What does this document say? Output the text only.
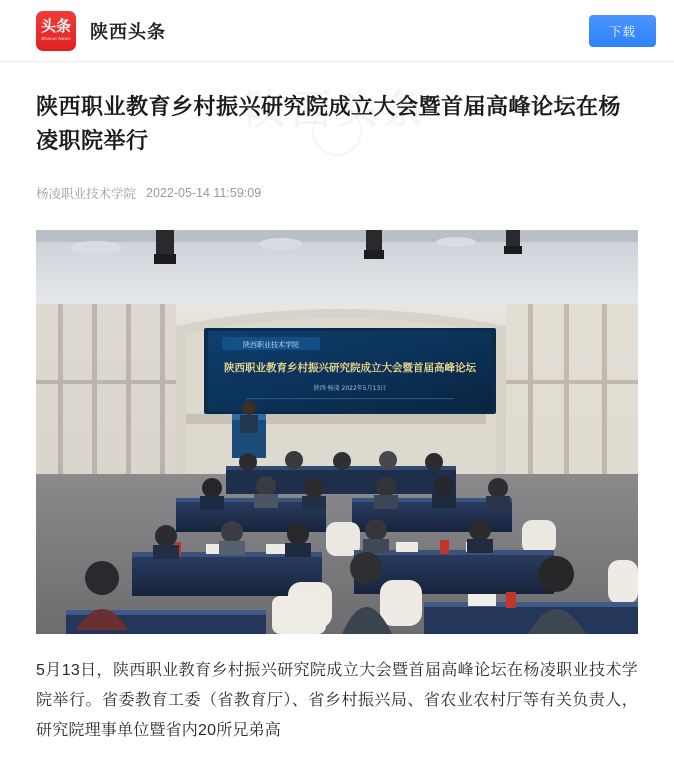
头条
Shanxi News 陕西头条	下载
陕西职业教育乡村振兴研究院成立大会暨首届高峰论坛在杨凌职院举行
杨凌职业技术学院 2022-05-14 11:59:09
陕西职业技术学院
陕西职业教育乡村振兴研究院成立大会暨首届高峰论坛
陕西·杨凌 2022年5月13日

5月13日，陕西职业教育乡村振兴研究院成立大会暨首届高峰论坛在杨凌职业技术学院举行。省委教育工委（省教育厅）、省乡村振兴局、省农业农村厅等有关负责人，研究院理事单位暨省内20所兄弟高
